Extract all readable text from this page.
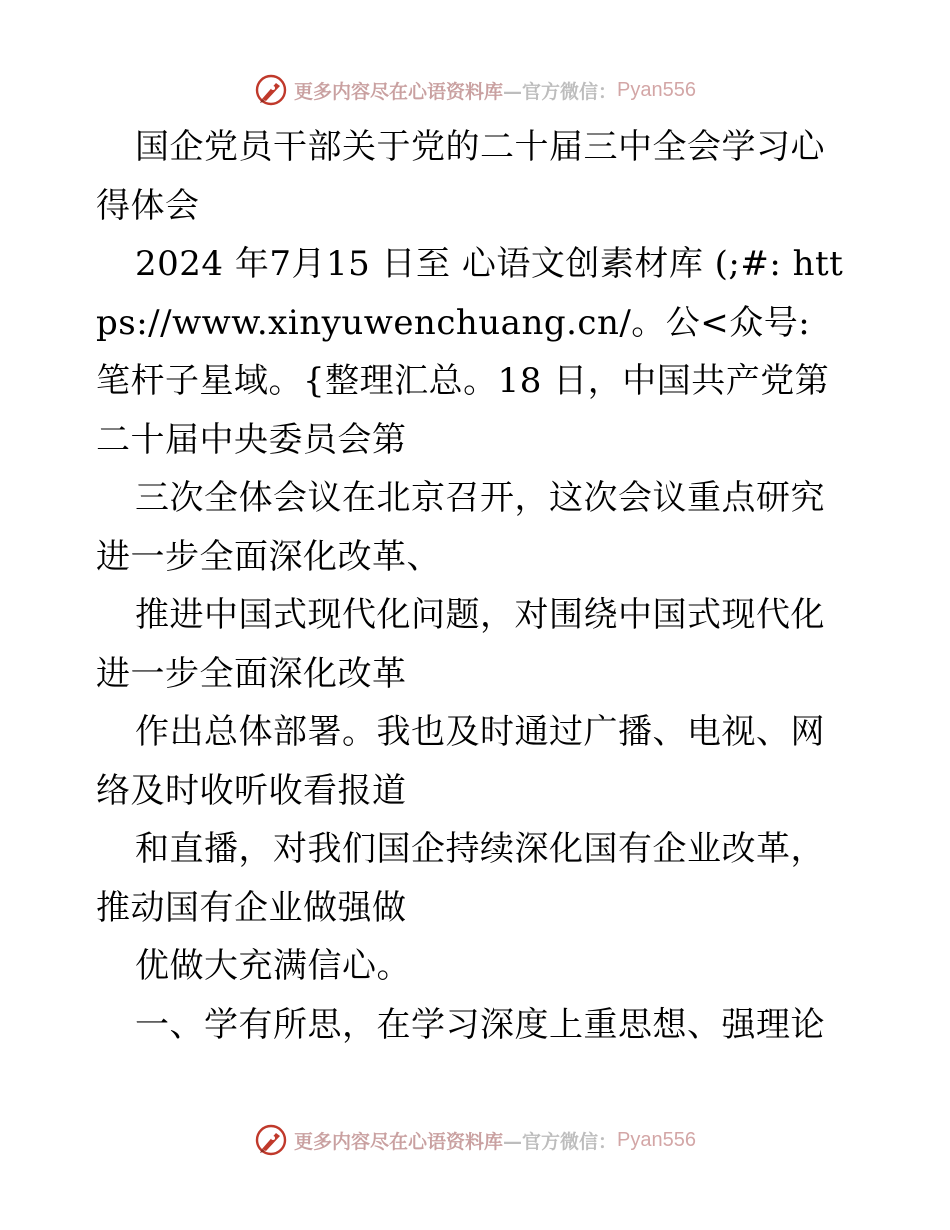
更多内容尽在心语资料库 —官方微信： Pyan556

国企党员干部关于党的二十届三中全会学习心得体会

2024 年7月15 日至 心语文创素材库 (;#: https://www.xinyuwenchuang.cn/。公<众号: 笔杆子星域。{整理汇总。18 日，中国共产党第二十届中央委员会第

三次全体会议在北京召开，这次会议重点研究进一步全面深化改革、

推进中国式现代化问题，对围绕中国式现代化进一步全面深化改革

作出总体部署。我也及时通过广播、电视、网络及时收听收看报道

和直播，对我们国企持续深化国有企业改革，推动国有企业做强做

优做大充满信心。

一、学有所思，在学习深度上重思想、强理论

更多内容尽在心语资料库 —官方微信： Pyan556
